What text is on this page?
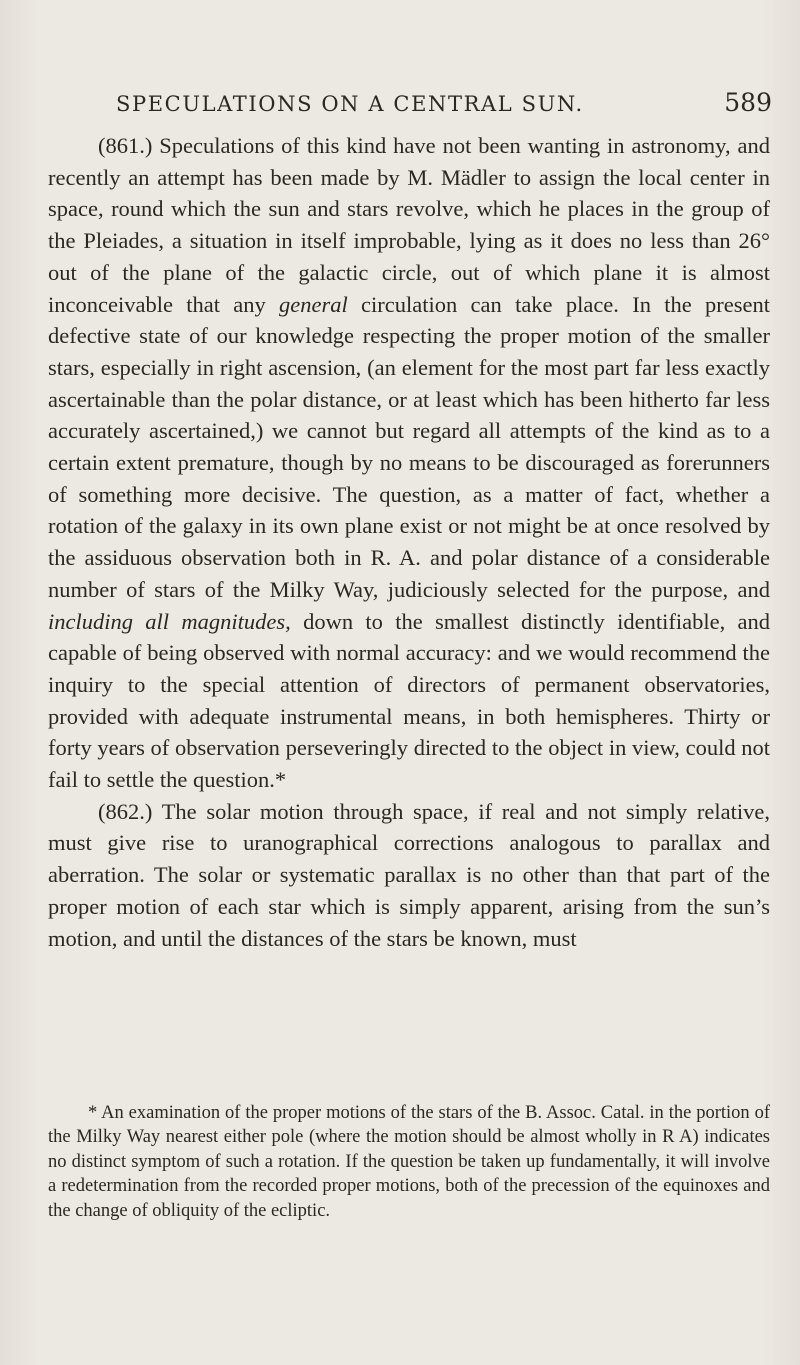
SPECULATIONS ON A CENTRAL SUN.	589

(861.) Speculations of this kind have not been wanting in astronomy, and recently an attempt has been made by M. Mädler to assign the local center in space, round which the sun and stars revolve, which he places in the group of the Pleiades, a situation in itself improbable, lying as it does no less than 26° out of the plane of the galactic circle, out of which plane it is almost inconceivable that any general circulation can take place. In the present defective state of our knowledge respecting the proper motion of the smaller stars, especially in right ascension, (an element for the most part far less exactly ascertainable than the polar distance, or at least which has been hitherto far less accurately ascertained,) we cannot but regard all attempts of the kind as to a certain extent premature, though by no means to be discouraged as forerunners of something more decisive. The question, as a matter of fact, whether a rotation of the galaxy in its own plane exist or not might be at once resolved by the assiduous observation both in R. A. and polar distance of a considerable number of stars of the Milky Way, judiciously selected for the purpose, and including all magnitudes, down to the smallest distinctly identifiable, and capable of being observed with normal accuracy: and we would recommend the inquiry to the special attention of directors of permanent observatories, provided with adequate instrumental means, in both hemispheres. Thirty or forty years of observation perseveringly directed to the object in view, could not fail to settle the question.*

(862.) The solar motion through space, if real and not simply relative, must give rise to uranographical corrections analogous to parallax and aberration. The solar or systematic parallax is no other than that part of the proper motion of each star which is simply apparent, arising from the sun’s motion, and until the distances of the stars be known, must

* An examination of the proper motions of the stars of the B. Assoc. Catal. in the portion of the Milky Way nearest either pole (where the motion should be almost wholly in R A) indicates no distinct symptom of such a rotation. If the question be taken up fundamentally, it will involve a redetermination from the recorded proper motions, both of the precession of the equinoxes and the change of obliquity of the ecliptic.
